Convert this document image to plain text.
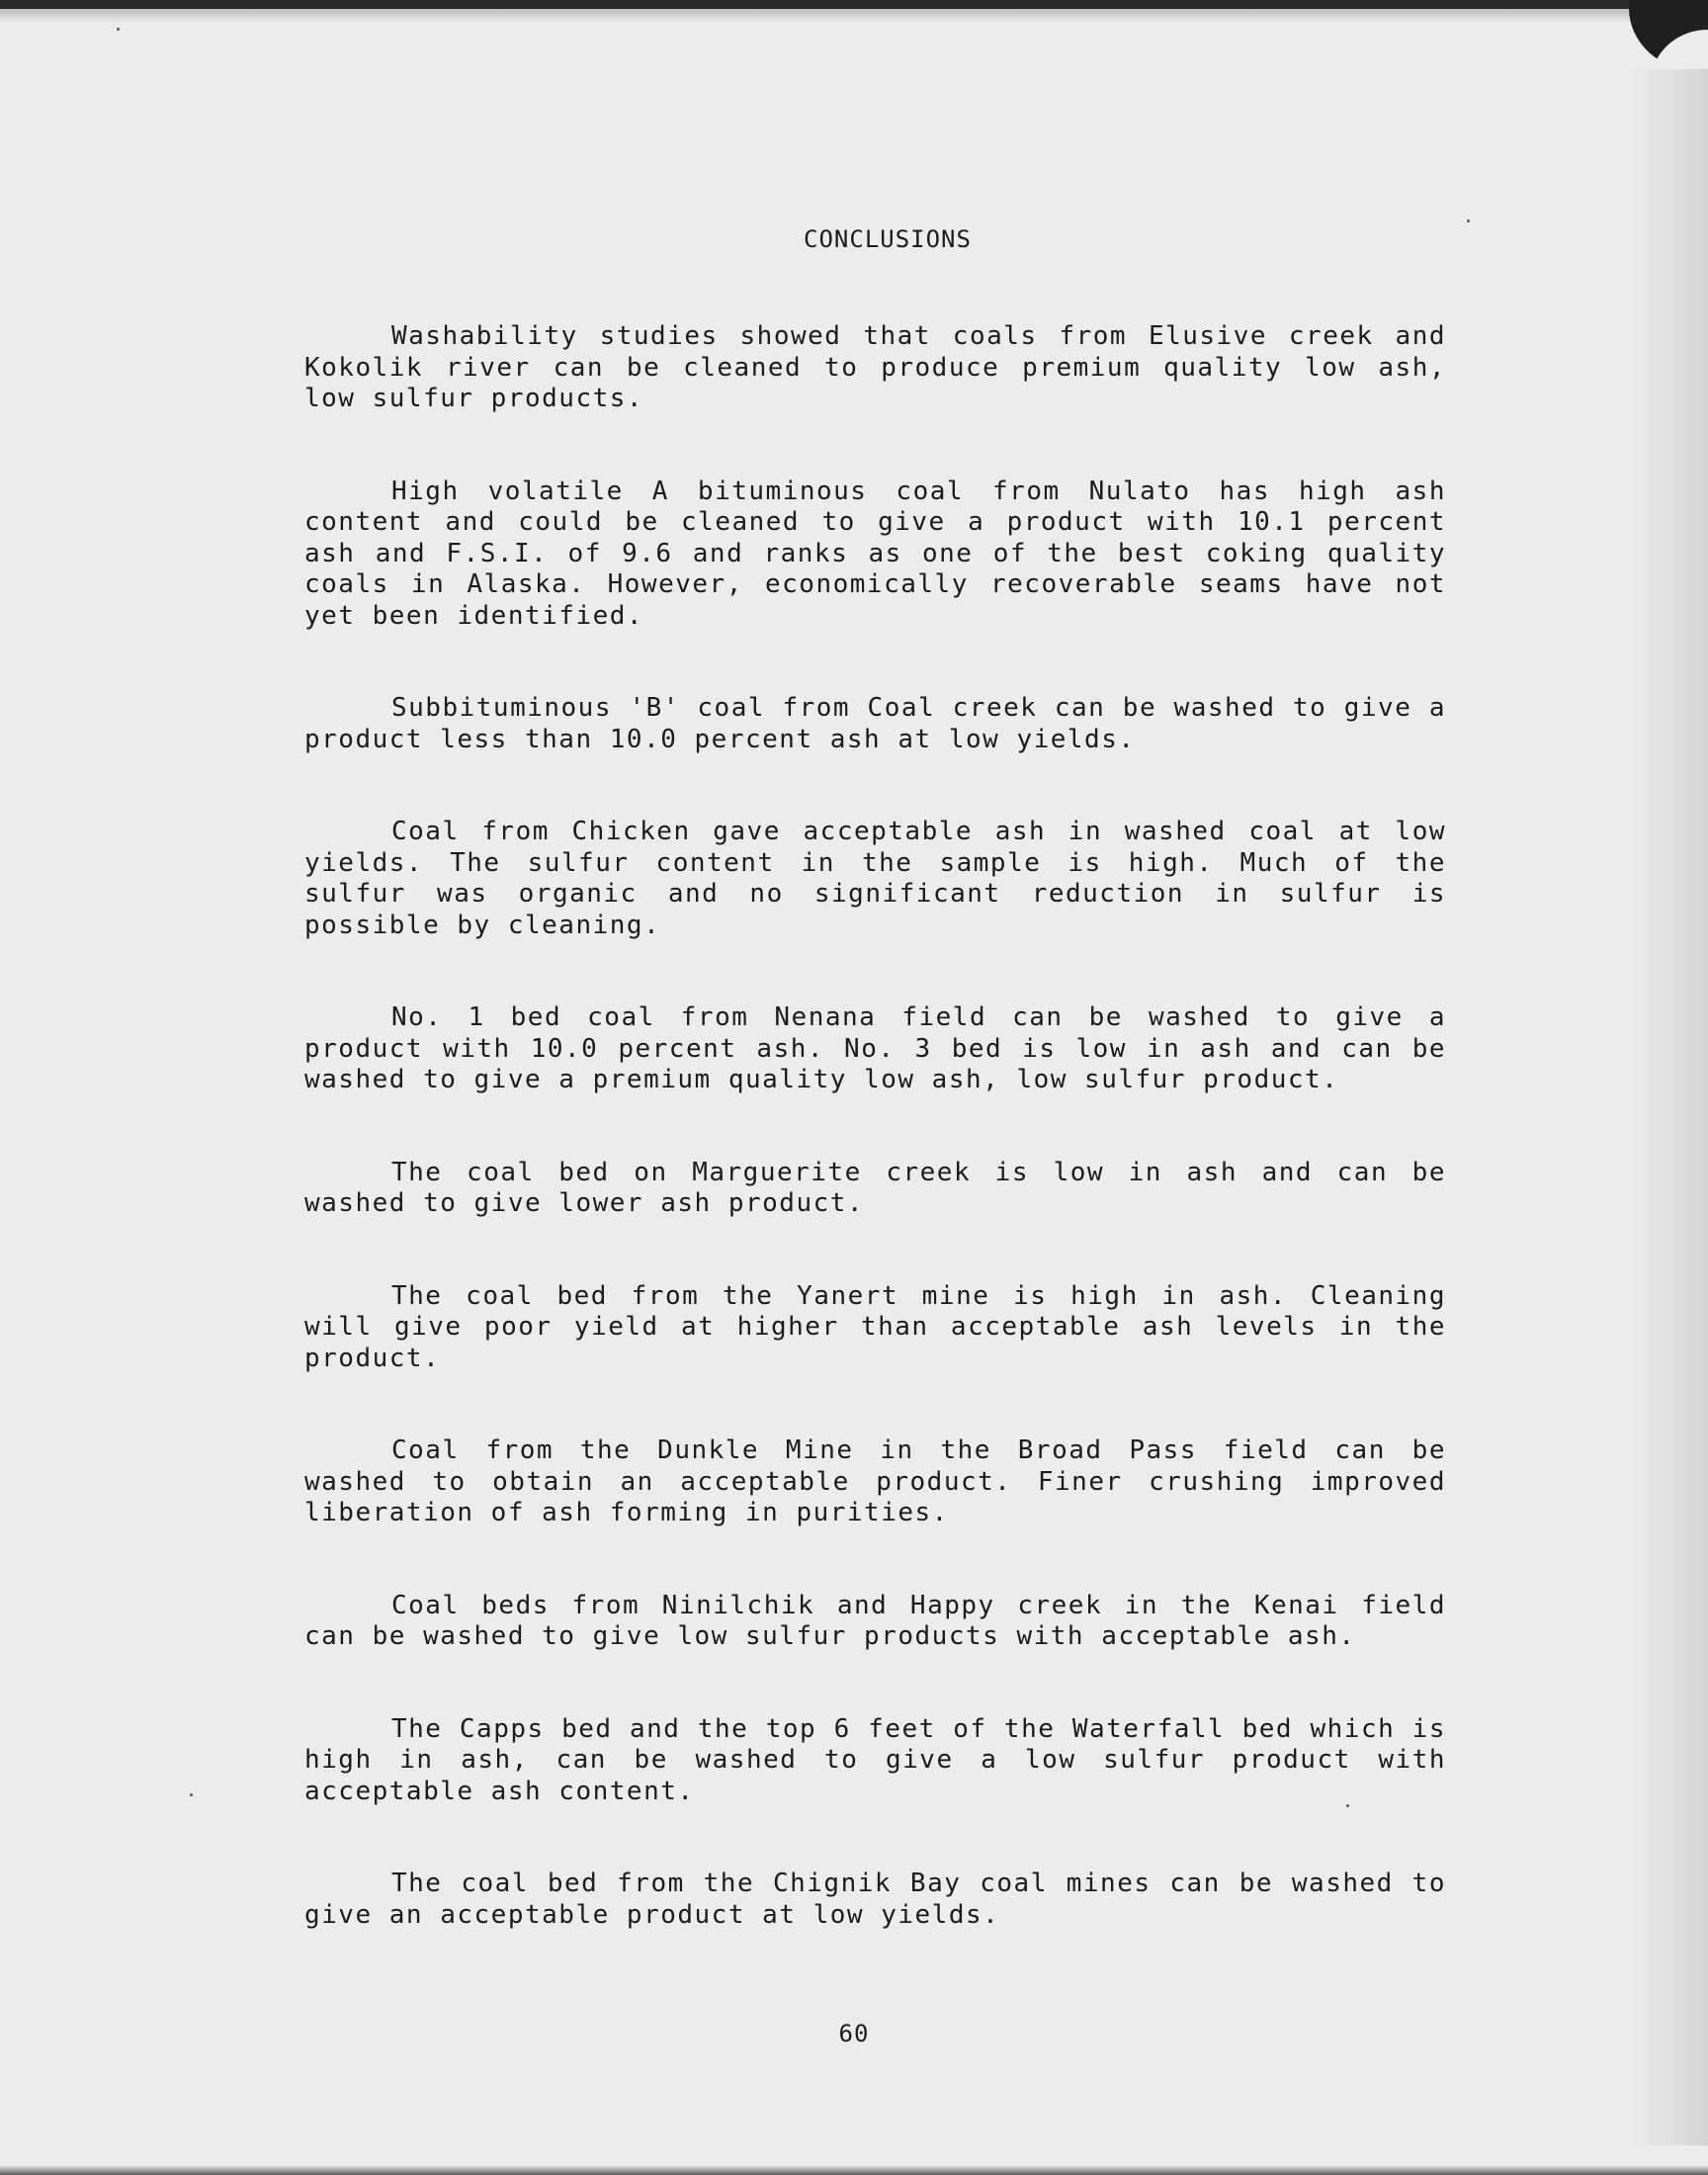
CONCLUSIONS

Washability studies showed that coals from Elusive creek and Kokolik river can be cleaned to produce premium quality low ash, low sulfur products.

High volatile A bituminous coal from Nulato has high ash content and could be cleaned to give a product with 10.1 percent ash and F.S.I. of 9.6 and ranks as one of the best coking quality coals in Alaska. However, economically recoverable seams have not yet been identified.

Subbituminous 'B' coal from Coal creek can be washed to give a product less than 10.0 percent ash at low yields.

Coal from Chicken gave acceptable ash in washed coal at low yields. The sulfur content in the sample is high. Much of the sulfur was organic and no significant reduction in sulfur is possible by cleaning.

No. 1 bed coal from Nenana field can be washed to give a product with 10.0 percent ash. No. 3 bed is low in ash and can be washed to give a premium quality low ash, low sulfur product.

The coal bed on Marguerite creek is low in ash and can be washed to give lower ash product.

The coal bed from the Yanert mine is high in ash. Cleaning will give poor yield at higher than acceptable ash levels in the product.

Coal from the Dunkle Mine in the Broad Pass field can be washed to obtain an acceptable product. Finer crushing improved liberation of ash forming in purities.

Coal beds from Ninilchik and Happy creek in the Kenai field can be washed to give low sulfur products with acceptable ash.

The Capps bed and the top 6 feet of the Waterfall bed which is high in ash, can be washed to give a low sulfur product with acceptable ash content.

The coal bed from the Chignik Bay coal mines can be washed to give an acceptable product at low yields.

60
